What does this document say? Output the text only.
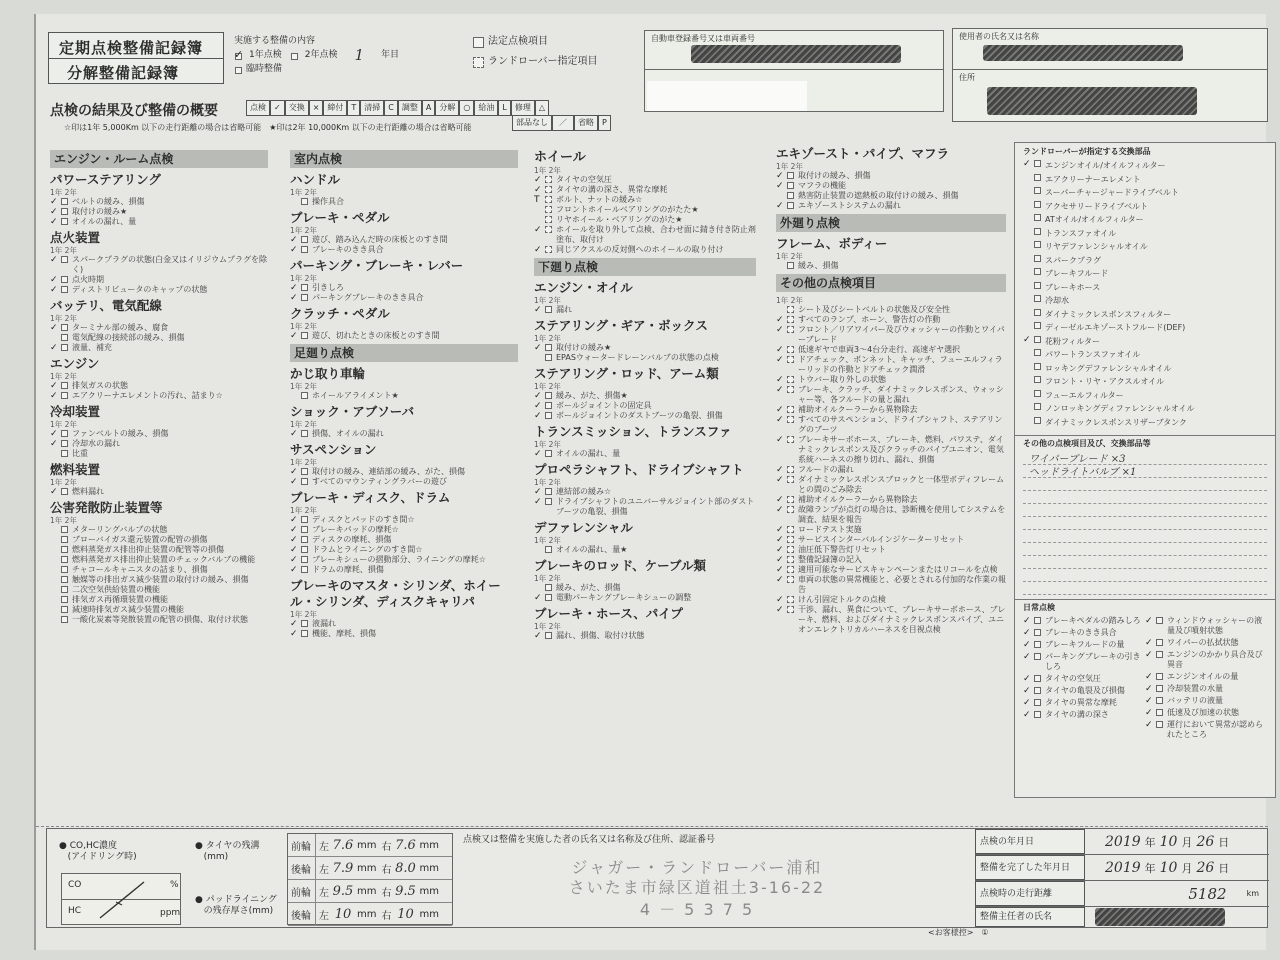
定期点検整備記録簿
分解整備記録簿
実施する整備の内容
✓ 1年点検	2年点検 1 年目
臨時整備
法定点検項目
ランドローバー指定項目
自動車登録番号又は車両番号	使用者の氏名又は名称
住所
点検の結果及び整備の概要	点検	✓	交換	×	締付	T	清掃	C	調整	A	分解	○	給油	L	修理	△
部品なし	／	省略	P
☆印は1年 5,000Km 以下の走行距離の場合は省略可能　★印は2年 10,000Km 以下の走行距離の場合は省略可能
エンジン・ルーム点検
パワーステアリング
1年 2年
✓	ベルトの緩み、損傷
✓	取付けの緩み★
✓	オイルの漏れ、量
点火装置
1年 2年
✓	スパークプラグの状態(白金又はイリジウムプラグを除く)
✓	点火時期
✓	ディストリビュータのキャップの状態
バッテリ、電気配線
1年 2年
✓	ターミナル部の緩み、腐食
電気配線の接続部の緩み、損傷
✓	液量、補充
エンジン
1年 2年
✓	排気ガスの状態
✓	エアクリーナエレメントの汚れ、詰まり☆
冷却装置
1年 2年
✓	ファンベルトの緩み、損傷
✓	冷却水の漏れ
比重
燃料装置
1年 2年
✓	燃料漏れ
公害発散防止装置等
1年 2年
メターリングバルブの状態
ブローバイガス還元装置の配管の損傷
燃料蒸発ガス排出抑止装置の配管等の損傷
燃料蒸発ガス排出抑止装置のチェックバルブの機能
チャコールキャニスタの詰まり、損傷
触媒等の排出ガス減少装置の取付けの緩み、損傷
二次空気供給装置の機能
排気ガス再循環装置の機能
減速時排気ガス減少装置の機能
一酸化炭素等発散装置の配管の損傷、取付け状態
室内点検
ハンドル
1年 2年
操作具合
ブレーキ・ペダル
1年 2年
✓	遊び、踏み込んだ時の床板とのすき間
✓	ブレーキのきき具合
パーキング・ブレーキ・レバー
1年 2年
✓	引きしろ
✓	パーキングブレーキのきき具合
クラッチ・ペダル
1年 2年
✓	遊び、切れたときの床板とのすき間
足廻り点検
かじ取り車輪
1年 2年
ホイールアライメント★
ショック・アブソーバ
1年 2年
✓	損傷、オイルの漏れ
サスペンション
1年 2年
✓	取付けの緩み、連結部の緩み、がた、損傷
✓	すべてのマウンティングラバーの遊び
ブレーキ・ディスク、ドラム
1年 2年
✓	ディスクとパッドのすき間☆
✓	ブレーキパッドの摩耗☆
✓	ディスクの摩耗、損傷
✓	ドラムとライニングのすき間☆
✓	ブレーキシューの摺動部分、ライニングの摩耗☆
✓	ドラムの摩耗、損傷
ブレーキのマスタ・シリンダ、ホイール・シリンダ、ディスクキャリパ
1年 2年
✓	液漏れ
✓	機能、摩耗、損傷
ホイール
1年 2年
✓	タイヤの空気圧
✓	タイヤの溝の深さ、異常な摩耗
T	ボルト、ナットの緩み☆
フロントホイールベアリングのがたた★
リヤホイール・ベアリングのがた★
✓	ホイールを取り外して点検、合わせ面に錆き付き防止剤塗布、取付け
✓	同じアクスルの反対側へのホイールの取り付け
下廻り点検
エンジン・オイル
1年 2年
✓	漏れ
ステアリング・ギア・ボックス
1年 2年
✓	取付けの緩み★
EPASウォータードレーンバルブの状態の点検
ステアリング・ロッド、アーム類
1年 2年
✓	緩み、がた、損傷★
✓	ボールジョイントの固定具
✓	ボールジョイントのダストブーツの亀裂、損傷
トランスミッション、トランスファ
1年 2年
✓	オイルの漏れ、量
プロペラシャフト、ドライブシャフト
1年 2年
✓	連結部の緩み☆
✓	ドライブシャフトのユニバーサルジョイント部のダストブーツの亀裂、損傷
デファレンシャル
1年 2年
オイルの漏れ、量★
ブレーキのロッド、ケーブル類
1年 2年
緩み、がた、損傷
✓	電動パーキングブレーキシューの調整
ブレーキ・ホース、パイプ
1年 2年
✓	漏れ、損傷、取付け状態
エキゾースト・パイプ、マフラ
1年 2年
✓	取付けの緩み、損傷
✓	マフラの機能
熱害防止装置の遮熱板の取付けの緩み、損傷
✓	エキゾーストシステムの漏れ
外廻り点検
フレーム、ボディー
1年 2年
緩み、損傷
その他の点検項目
1年 2年
シート及びシートベルトの状態及び安全性
✓	すべてのランプ、ホーン、警告灯の作動
✓	フロント／リアワイパー及びウォッシャーの作動とワイパーブレード
✓	低速ギヤで車両3～4台分走行、高速ギヤ選択
✓	ドアチェック、ボンネット、キャッチ、フューエルフィラーリッドの作動とドアチェック潤滑
✓	トウバー取り外しの状態
✓	ブレーキ、クラッチ、ダイナミックレスポンス、ウォッシャー等、各フルードの量と漏れ
✓	補助オイルクーラーから異物除去
✓	すべてのサスペンション、ドライブシャフト、ステアリングのブーツ
✓	ブレーキサーボホース、ブレーキ、燃料、パワステ、ダイナミックレスポンス及びクラッチのパイプユニオン、電気系統ハーネスの擦り切れ、漏れ、損傷
✓	フルードの漏れ
✓	ダイナミックレスポンスブロックと一体型ボディフレームとの間のごみ除去
✓	補助オイルクーラーから異物除去
✓	故障ランプが点灯の場合は、診断機を使用してシステムを調査、結果を報告
✓	ロードテスト実施
✓	サービスインターバルインジケーターリセット
✓	油圧低下警告灯リセット
✓	整備記録簿の記入
✓	適用可能なサービスキャンペーンまたはリコールを点検
✓	車両の状態の異常機能と、必要とされる付加的な作業の報告
✓	けん引固定トルクの点検
✓	干渉、漏れ、異食について、ブレーキサーボホース、ブレーキ、燃料、およびダイナミックレスポンスパイプ、ユニオンエレクトリカルハーネスを目視点検
ランドローバーが指定する交換部品
✓	エンジンオイル/オイルフィルター
エアクリーナーエレメント
スーパーチャージャードライブベルト
アクセサリードライブベルト
ATオイル/オイルフィルター
トランスファオイル
リヤデファレンシャルオイル
スパークプラグ
ブレーキフルード
ブレーキホース
冷却水
ダイナミックレスポンスフィルター
ディーゼルエキゾーストフルード(DEF)
✓	花粉フィルター
パワートランスファオイル
ロッキングデファレンシャルオイル
フロント・リヤ・アクスルオイル
フューエルフィルター
ノンロッキングディファレンシャルオイル
ダイナミックレスポンスリザーブタンク
その他の点検項目及び、交換部品等
ワイパーブレード ×3
ヘッドライトバルブ ×1
日常点検
✓	ブレーキペダルの踏みしろ
✓	ブレーキのきき具合
✓	ブレーキフルードの量
✓	パーキングブレーキの引きしろ
✓	タイヤの空気圧
✓	タイヤの亀裂及び損傷
✓	タイヤの異常な摩耗
✓	タイヤの溝の深さ
✓	ウィンドウォッシャーの液量及び噴射状態
✓	ワイパーの払拭状態
✓	エンジンのかかり具合及び異音
✓	エンジンオイルの量
✓	冷却装置の水量
✓	バッテリの液量
✓	低速及び加速の状態
✓	運行において異常が認められたところ
● CO,HC濃度
(アイドリング時)
CO	%
HC	ppm
● タイヤの残溝
(mm)
● パッドライニング
の残存厚さ(mm)
前輪 左 7.6 mm 右 7.6 mm
後輪 左 7.9 mm 右 8.0 mm
前輪 左 9.5 mm 右 9.5 mm
後輪 左 10 mm 右 10 mm
点検又は整備を実施した者の氏名又は名称及び住所、認証番号
ジャガー・ランドローバー浦和
さいたま市緑区道祖土3-16-22
4 － 5 3 7 5
点検の年月日	2019 年 10 月 26 日
整備を完了した年月日	2019 年 10 月 26 日
点検時の走行距離	5182	km
整備主任者の氏名
<お客様控>　①
